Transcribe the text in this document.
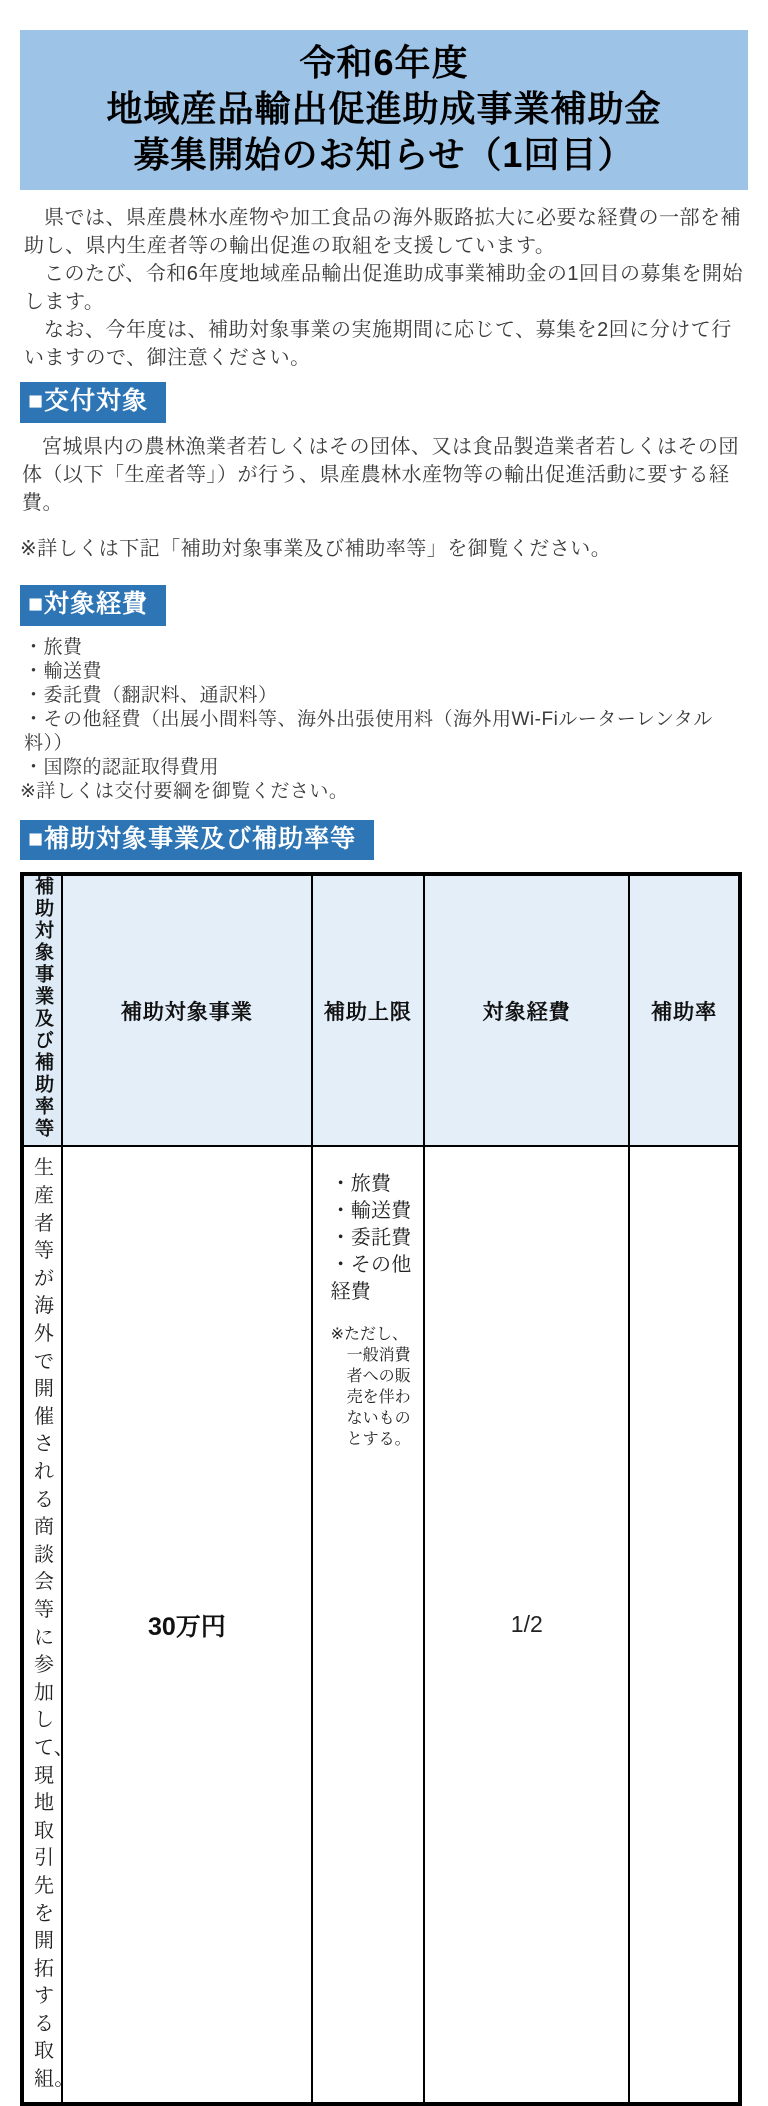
令和6年度
地域産品輸出促進助成事業補助金
募集開始のお知らせ（1回目）

県では、県産農林水産物や加工食品の海外販路拡大に必要な経費の一部を補助し、県内生産者等の輸出促進の取組を支援しています。

このたび、令和6年度地域産品輸出促進助成事業補助金の1回目の募集を開始します。

なお、今年度は、補助対象事業の実施期間に応じて、募集を2回に分けて行いますので、御注意ください。

■交付対象

宮城県内の農林漁業者若しくはその団体、又は食品製造業者若しくはその団体（以下「生産者等」）が行う、県産農林水産物等の輸出促進活動に要する経費。

※詳しくは下記「補助対象事業及び補助率等」を御覧ください。

■対象経費
・旅費
・輸送費
・委託費（翻訳料、通訳料）
・その他経費（出展小間料等、海外出張使用料（海外用Wi-Fiルーターレンタル料））
・国際的認証取得費用

※詳しくは交付要綱を御覧ください。

■補助対象事業及び補助率等
補助対象事業及び補助率等	補助対象事業	補助上限	対象経費	補助率
生産者等が海外で開催される商談会等に参加して、現地取引先を開拓する取組。	30万円	・旅費
・輸送費
・委託費
・その他経費
※ただし、一般消費者への販売を伴わないものとする。	1/2	
